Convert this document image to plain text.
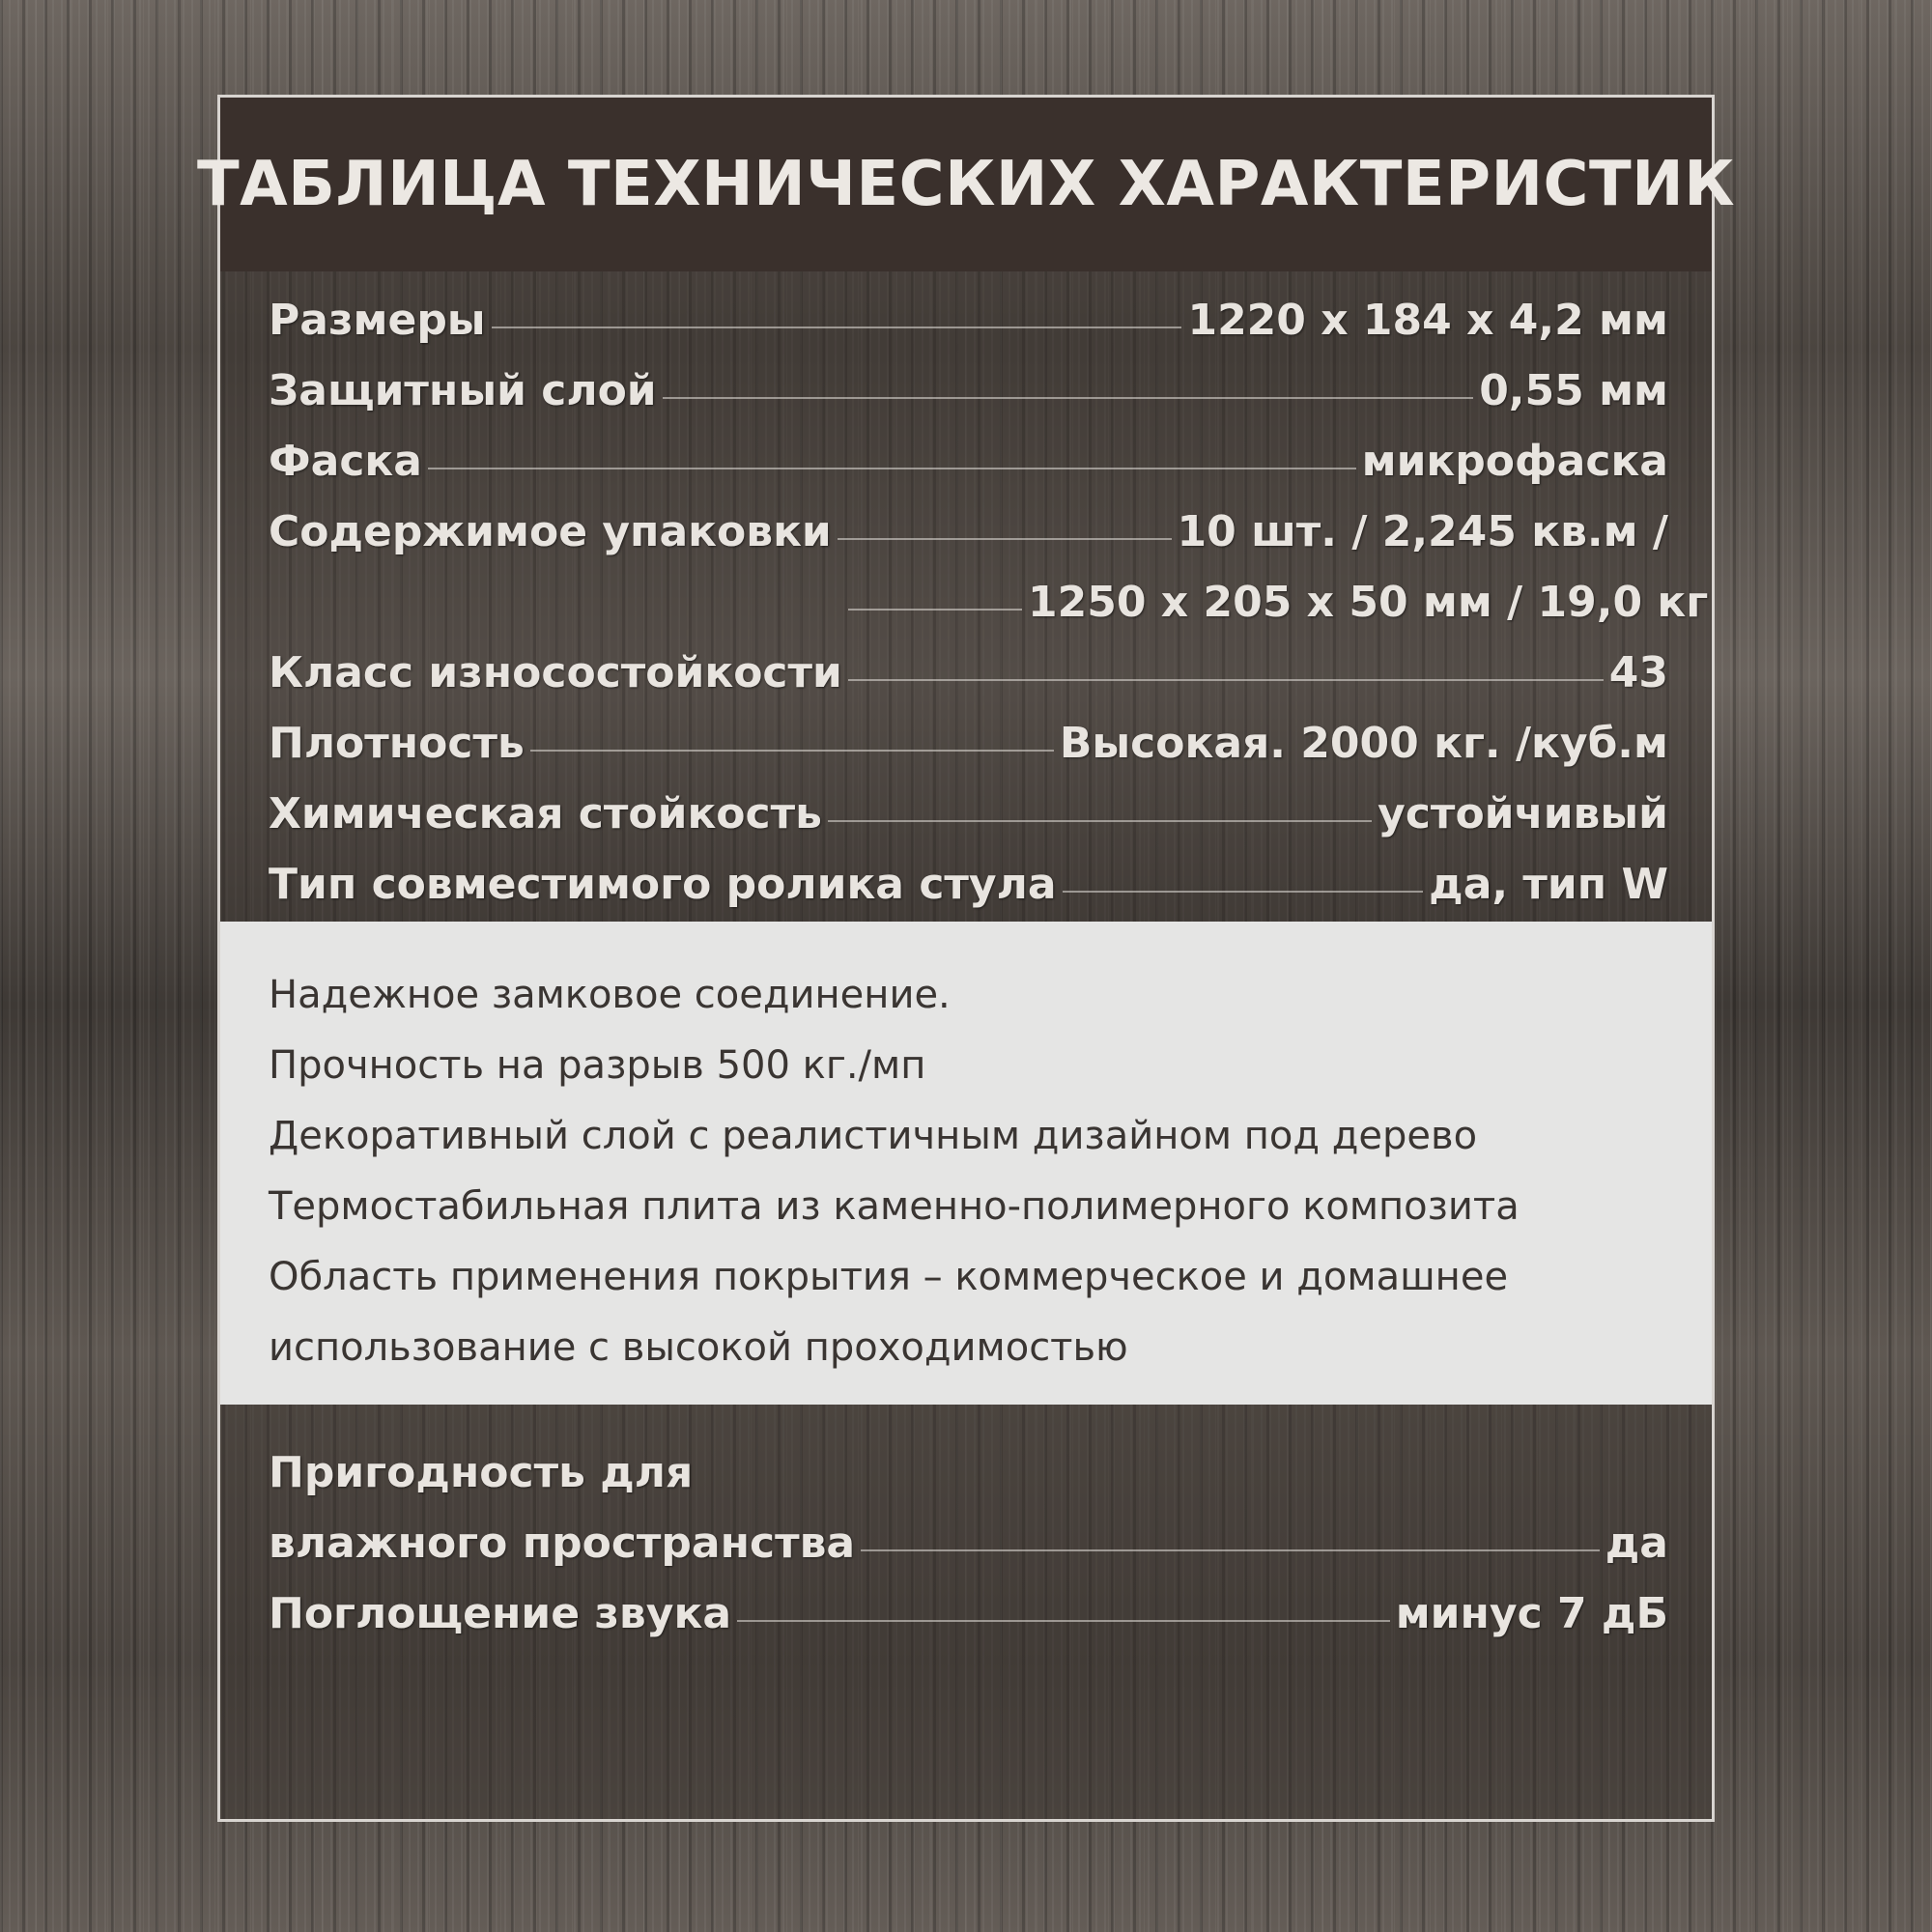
ТАБЛИЦА ТЕХНИЧЕСКИХ ХАРАКТЕРИСТИК
Размеры	1220 x 184 x 4,2 мм
Защитный слой	0,55 мм
Фаска	микрофаска
Содержимое упаковки	10 шт. / 2,245 кв.м /
1250 x 205 x 50 мм / 19,0 кг
Класс износостойкости	43
Плотность	Высокая. 2000 кг. /куб.м
Химическая стойкость	устойчивый
Тип совместимого ролика стула	да, тип W
Надежное замковое соединение.
Прочность на разрыв 500 кг./мп
Декоративный слой с реалистичным дизайном под дерево
Термостабильная плита из каменно-полимерного композита
Область применения покрытия – коммерческое и домашнее
использование с высокой проходимостью
Пригодность для
влажного пространства	да
Поглощение звука	минус 7 дБ
